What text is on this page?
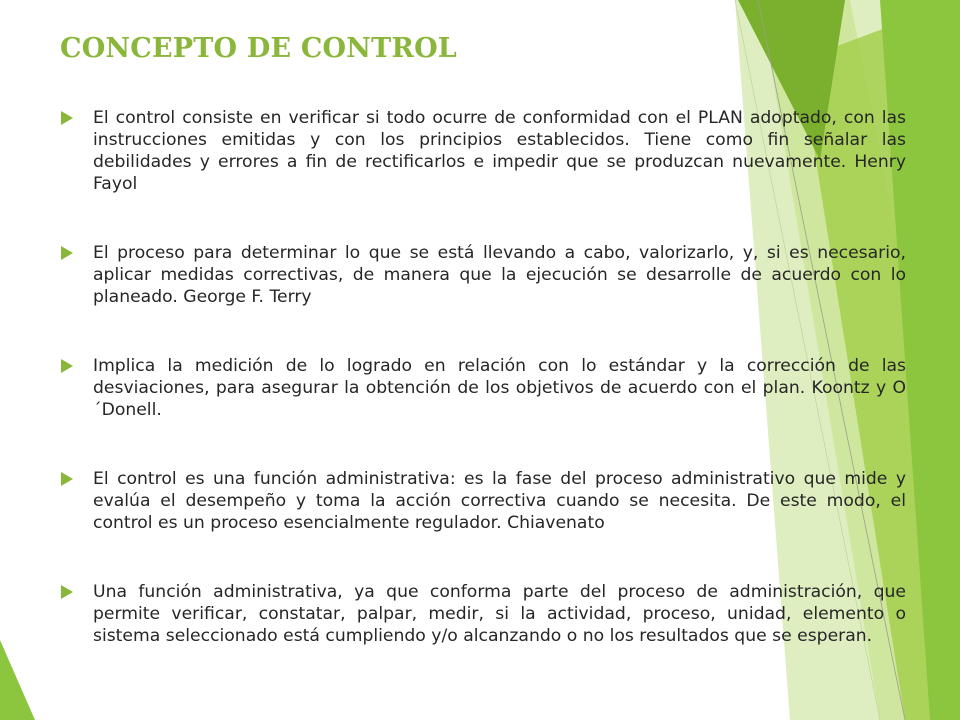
CONCEPTO DE CONTROL
El control consiste en verificar si todo ocurre de conformidad con el PLAN adoptado, con las instrucciones emitidas y con los principios establecidos. Tiene como fin señalar las debilidades y errores a fin de rectificarlos e impedir que se produzcan nuevamente. Henry Fayol
El proceso para determinar lo que se está llevando a cabo, valorizarlo, y, si es necesario, aplicar medidas correctivas, de manera que la ejecución se desarrolle de acuerdo con lo planeado. George F. Terry
Implica la medición de lo logrado en relación con lo estándar y la corrección de las desviaciones, para asegurar la obtención de los objetivos de acuerdo con el plan. Koontz y O´Donell.
El control es una función administrativa: es la fase del proceso administrativo que mide y evalúa el desempeño y toma la acción correctiva cuando se necesita. De este modo, el control es un proceso esencialmente regulador. Chiavenato
Una función administrativa, ya que conforma parte del proceso de administración, que permite verificar, constatar, palpar, medir, si la actividad, proceso, unidad, elemento o sistema seleccionado está cumpliendo y/o alcanzando o no los resultados que se esperan.
